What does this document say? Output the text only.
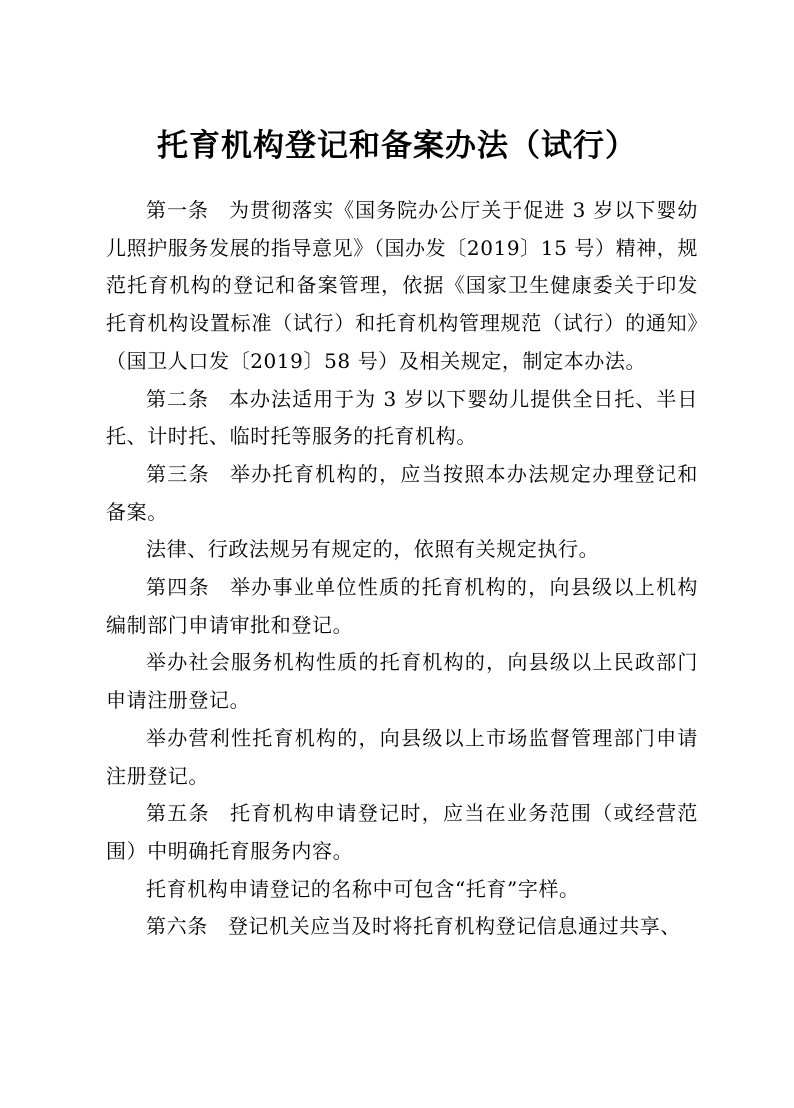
托育机构登记和备案办法（试行）

第一条 为贯彻落实《国务院办公厅关于促进 3 岁以下婴幼儿照护服务发展的指导意见》（国办发〔2019〕15 号）精神，规范托育机构的登记和备案管理，依据《国家卫生健康委关于印发托育机构设置标准（试行）和托育机构管理规范（试行）的通知》（国卫人口发〔2019〕58 号）及相关规定，制定本办法。

第二条 本办法适用于为 3 岁以下婴幼儿提供全日托、半日托、计时托、临时托等服务的托育机构。

第三条 举办托育机构的，应当按照本办法规定办理登记和备案。

法律、行政法规另有规定的，依照有关规定执行。

第四条 举办事业单位性质的托育机构的，向县级以上机构编制部门申请审批和登记。

举办社会服务机构性质的托育机构的，向县级以上民政部门申请注册登记。

举办营利性托育机构的，向县级以上市场监督管理部门申请注册登记。

第五条 托育机构申请登记时，应当在业务范围（或经营范围）中明确托育服务内容。

托育机构申请登记的名称中可包含“托育”字样。

第六条 登记机关应当及时将托育机构登记信息通过共享、
